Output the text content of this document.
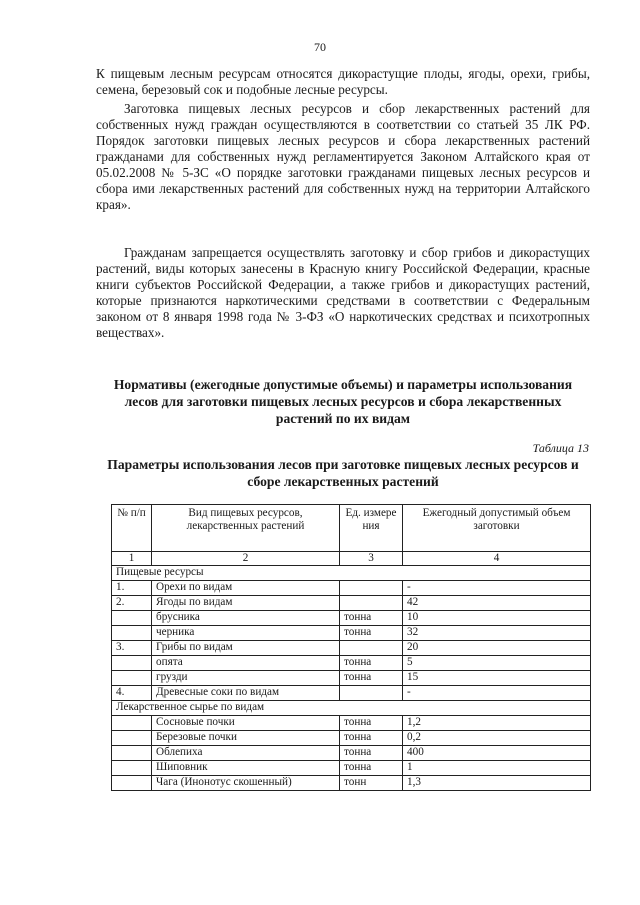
70

К пищевым лесным ресурсам относятся дикорастущие плоды, ягоды, орехи, грибы, семена, березовый сок и подобные лесные ресурсы.

Заготовка пищевых лесных ресурсов и сбор лекарственных растений для собственных нужд граждан осуществляются в соответствии со статьей 35 ЛК РФ. Порядок заготовки пищевых лесных ресурсов и сбора лекарственных растений гражданами для собственных нужд регламентируется Законом Алтайского края от 05.02.2008 № 5-ЗС «О порядке заготовки гражданами пищевых лесных ресурсов и сбора ими лекарственных растений для собственных нужд на территории Алтайского края».

Гражданам запрещается осуществлять заготовку и сбор грибов и дикорастущих растений, виды которых занесены в Красную книгу Российской Федерации, красные книги субъектов Российской Федерации, а также грибов и дикорастущих растений, которые признаются наркотическими средствами в соответствии с Федеральным законом от 8 января 1998 года № 3-ФЗ «О наркотических средствах и психотропных веществах».

Нормативы (ежегодные допустимые объемы) и параметры использования лесов для заготовки пищевых лесных ресурсов и сбора лекарственных растений по их видам
Таблица 13
Параметры использования лесов при заготовке пищевых лесных ресурсов и сборе лекарственных растений
№ п/п	Вид пищевых ресурсов, лекарственных растений	Ед. измере ния	Ежегодный допустимый объем заготовки
1	2	3	4
Пищевые ресурсы			
1.	Орехи по видам		-
2.	Ягоды по видам		42
	брусника	тонна	10
	черника	тонна	32
3.	Грибы по видам		20
	опята	тонна	5
	грузди	тонна	15
4.	Древесные соки по видам		-
Лекарственное сырье по видам			
	Сосновые почки	тонна	1,2
	Березовые почки	тонна	0,2
	Облепиха	тонна	400
	Шиповник	тонна	1
	Чага (Инонотус скошенный)	тонн	1,3
